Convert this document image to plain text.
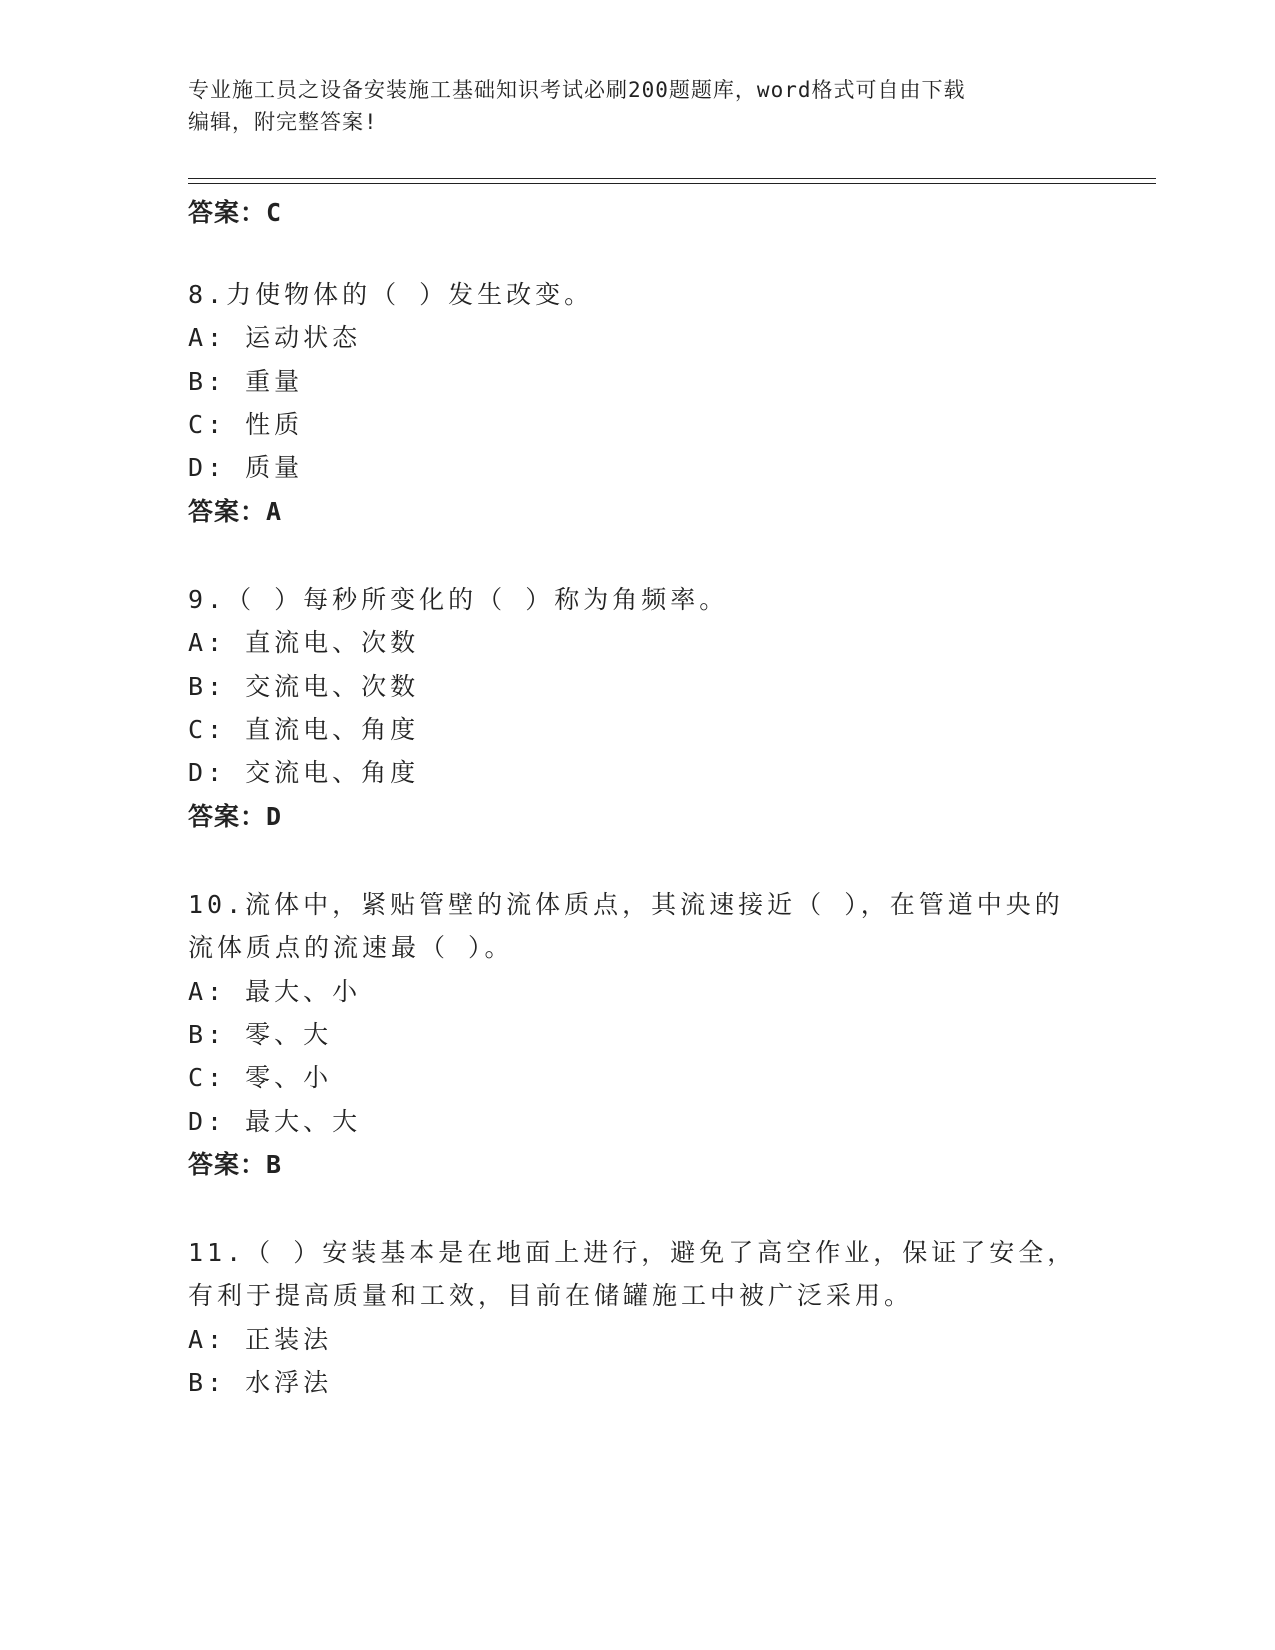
专业施工员之设备安装施工基础知识考试必刷200题题库，word格式可自由下载
编辑，附完整答案!
答案：C
8.力使物体的（ ）发生改变。
A: 运动状态
B: 重量
C: 性质
D: 质量
答案：A
9.（ ）每秒所变化的（ ）称为角频率。
A: 直流电、次数
B: 交流电、次数
C: 直流电、角度
D: 交流电、角度
答案：D
10.流体中，紧贴管壁的流体质点，其流速接近（ ），在管道中央的
流体质点的流速最（ ）。
A: 最大、小
B: 零、大
C: 零、小
D: 最大、大
答案：B
11.（ ）安装基本是在地面上进行，避免了高空作业，保证了安全，
有利于提高质量和工效，目前在储罐施工中被广泛采用。
A: 正装法
B: 水浮法
